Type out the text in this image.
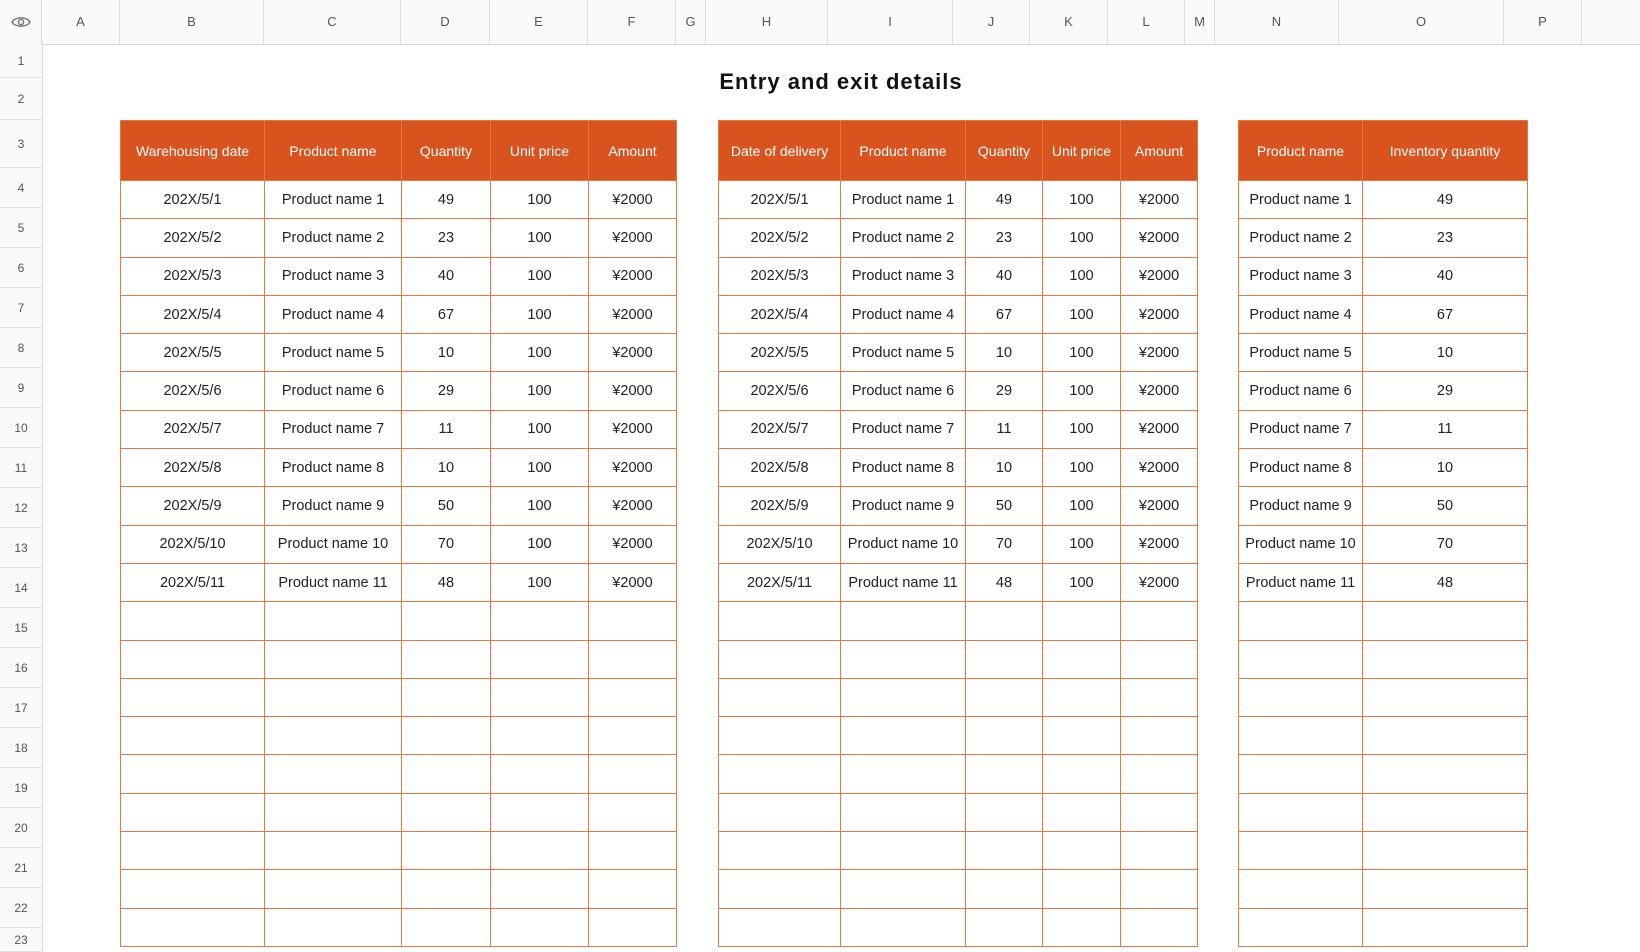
A	B	C	D	E	F	G	H	I	J	K	L	M	N	O	P
1
2
3
4
5
6
7
8
9
10
11
12
13
14
15
16
17
18
19
20
21
22
23
Entry and exit details
Warehousing date	Product name	Quantity	Unit price	Amount
202X/5/1	Product name 1	49	100	¥2000
202X/5/2	Product name 2	23	100	¥2000
202X/5/3	Product name 3	40	100	¥2000
202X/5/4	Product name 4	67	100	¥2000
202X/5/5	Product name 5	10	100	¥2000
202X/5/6	Product name 6	29	100	¥2000
202X/5/7	Product name 7	11	100	¥2000
202X/5/8	Product name 8	10	100	¥2000
202X/5/9	Product name 9	50	100	¥2000
202X/5/10	Product name 10	70	100	¥2000
202X/5/11	Product name 11	48	100	¥2000

Date of delivery	Product name	Quantity	Unit price	Amount
202X/5/1	Product name 1	49	100	¥2000
202X/5/2	Product name 2	23	100	¥2000
202X/5/3	Product name 3	40	100	¥2000
202X/5/4	Product name 4	67	100	¥2000
202X/5/5	Product name 5	10	100	¥2000
202X/5/6	Product name 6	29	100	¥2000
202X/5/7	Product name 7	11	100	¥2000
202X/5/8	Product name 8	10	100	¥2000
202X/5/9	Product name 9	50	100	¥2000
202X/5/10	Product name 10	70	100	¥2000
202X/5/11	Product name 11	48	100	¥2000

Product name	Inventory quantity
Product name 1	49
Product name 2	23
Product name 3	40
Product name 4	67
Product name 5	10
Product name 6	29
Product name 7	11
Product name 8	10
Product name 9	50
Product name 10	70
Product name 11	48
